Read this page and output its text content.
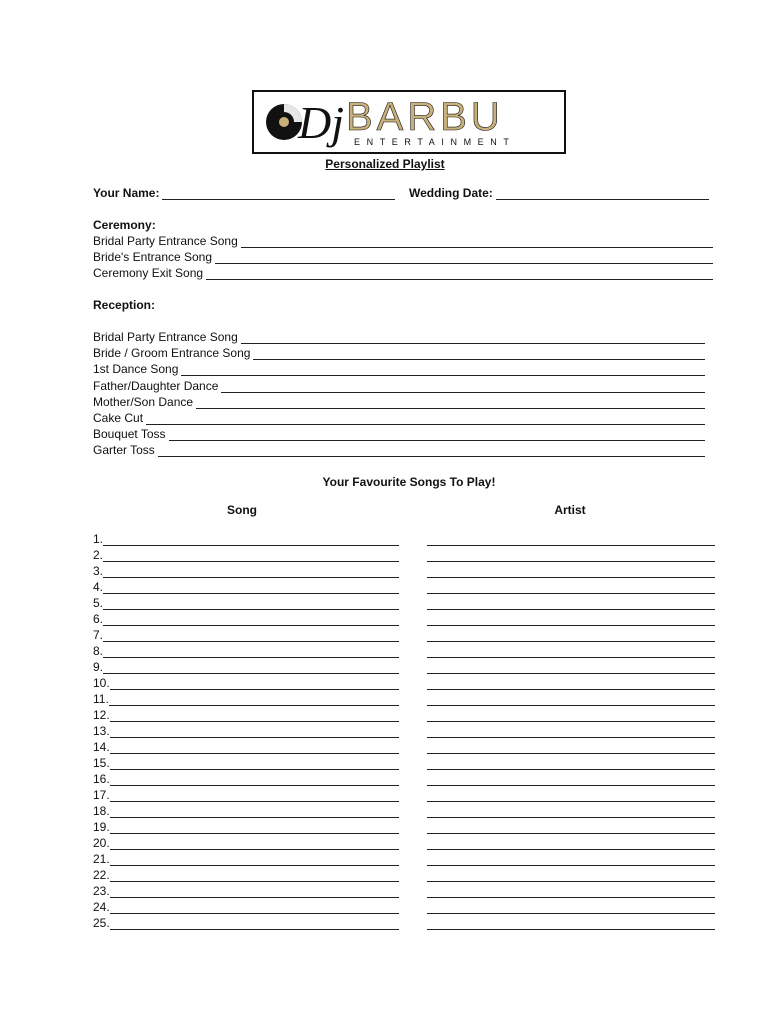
Dj BARBU
ENTERTAINMENT
Personalized Playlist
Your Name:	Wedding Date:
Ceremony:
Bridal Party Entrance Song
Bride's Entrance Song
Ceremony Exit Song
Reception:
Bridal Party Entrance Song
Bride / Groom Entrance Song
1st Dance Song
Father/Daughter Dance
Mother/Son Dance
Cake Cut
Bouquet Toss
Garter Toss
Your Favourite Songs To Play!
Song	Artist
1.
2.
3.
4.
5.
6.
7.
8.
9.
10.
11.
12.
13.
14.
15.
16.
17.
18.
19.
20.
21.
22.
23.
24.
25.
